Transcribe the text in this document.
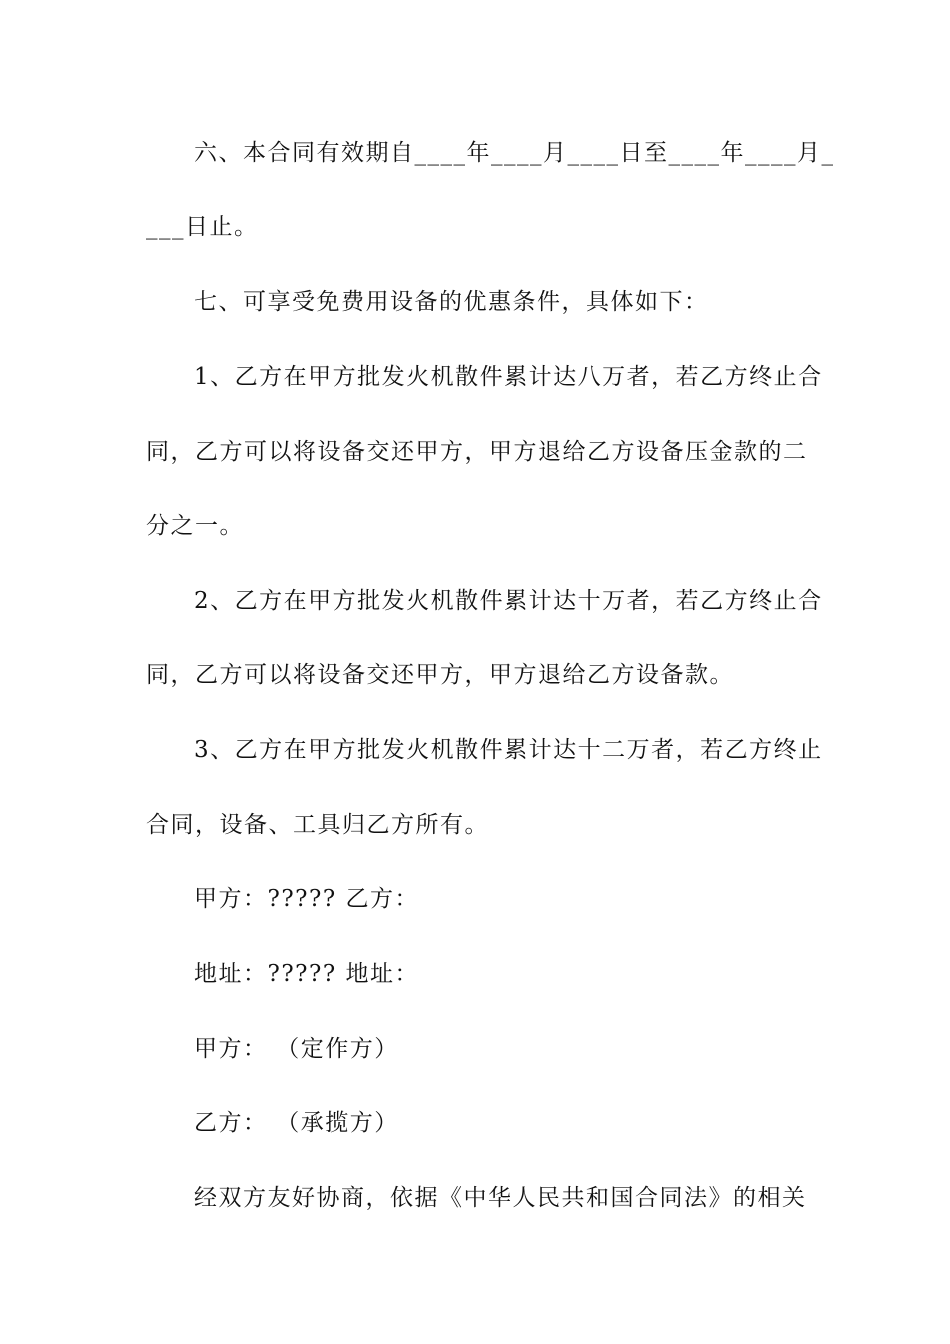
六、本合同有效期自____年____月____日至____年____月_
___日止。
七、可享受免费用设备的优惠条件，具体如下：
1、乙方在甲方批发火机散件累计达八万者，若乙方终止合
同，乙方可以将设备交还甲方，甲方退给乙方设备压金款的二
分之一。
2、乙方在甲方批发火机散件累计达十万者，若乙方终止合
同，乙方可以将设备交还甲方，甲方退给乙方设备款。
3、乙方在甲方批发火机散件累计达十二万者，若乙方终止
合同，设备、工具归乙方所有。
甲方：????? 乙方：
地址：????? 地址：
甲方： （定作方）
乙方： （承揽方）
经双方友好协商，依据《中华人民共和国合同法》的相关
